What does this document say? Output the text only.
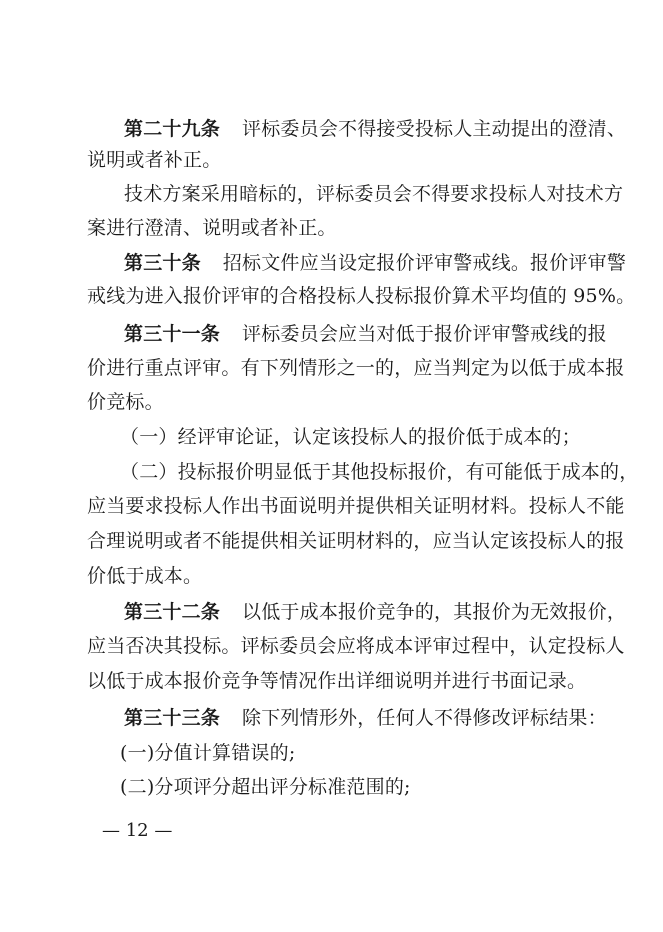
第二十九条 评标委员会不得接受投标人主动提出的澄清、
说明或者补正。
技术方案采用暗标的，评标委员会不得要求投标人对技术方
案进行澄清、说明或者补正。
第三十条 招标文件应当设定报价评审警戒线。报价评审警
戒线为进入报价评审的合格投标人投标报价算术平均值的 95%。
第三十一条 评标委员会应当对低于报价评审警戒线的报
价进行重点评审。有下列情形之一的，应当判定为以低于成本报
价竞标。
（一）经评审论证，认定该投标人的报价低于成本的；
（二）投标报价明显低于其他投标报价，有可能低于成本的，
应当要求投标人作出书面说明并提供相关证明材料。投标人不能
合理说明或者不能提供相关证明材料的，应当认定该投标人的报
价低于成本。
第三十二条 以低于成本报价竞争的，其报价为无效报价，
应当否决其投标。评标委员会应将成本评审过程中，认定投标人
以低于成本报价竞争等情况作出详细说明并进行书面记录。
第三十三条 除下列情形外，任何人不得修改评标结果：
(一)分值计算错误的;
(二)分项评分超出评分标准范围的;
— 12 —
